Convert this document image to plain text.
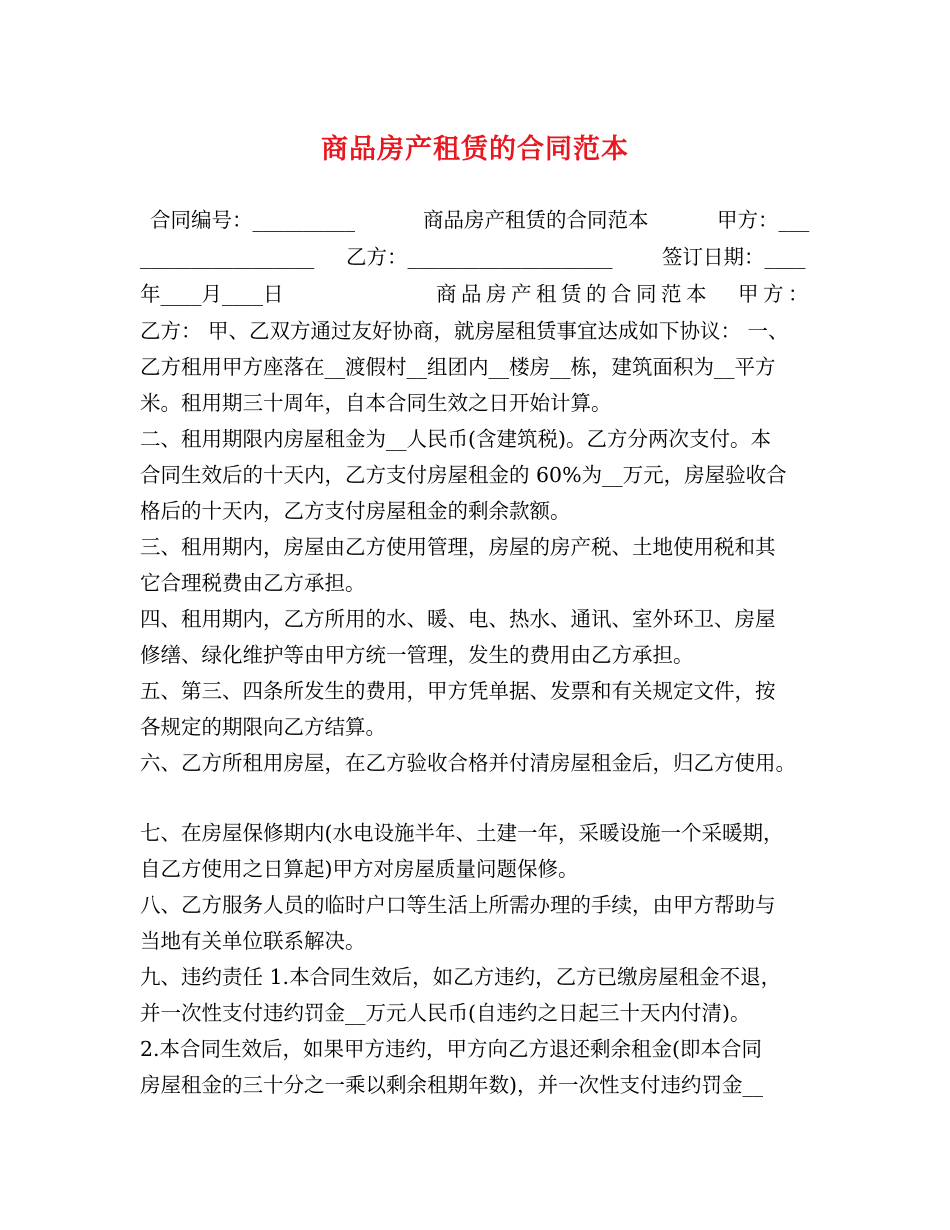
商品房产租赁的合同范本
合同编号：__________	商品房产租赁的合同范本	甲方：___
_________________ 乙方：____________________ 签订日期：____
年____月____日	商品房产租赁的合同范本 甲方：
乙方： 甲、乙双方通过友好协商，就房屋租赁事宜达成如下协议： 一、
乙方租用甲方座落在__渡假村__组团内__楼房__栋，建筑面积为__平方
米。租用期三十周年，自本合同生效之日开始计算。
二、租用期限内房屋租金为__人民币(含建筑税)。乙方分两次支付。本
合同生效后的十天内，乙方支付房屋租金的 60%为__万元，房屋验收合
格后的十天内，乙方支付房屋租金的剩余款额。
三、租用期内，房屋由乙方使用管理，房屋的房产税、土地使用税和其
它合理税费由乙方承担。
四、租用期内，乙方所用的水、暖、电、热水、通讯、室外环卫、房屋
修缮、绿化维护等由甲方统一管理，发生的费用由乙方承担。
五、第三、四条所发生的费用，甲方凭单据、发票和有关规定文件，按
各规定的期限向乙方结算。
六、乙方所租用房屋，在乙方验收合格并付清房屋租金后，归乙方使用。
七、在房屋保修期内(水电设施半年、土建一年，采暖设施一个采暖期，
自乙方使用之日算起)甲方对房屋质量问题保修。
八、乙方服务人员的临时户口等生活上所需办理的手续，由甲方帮助与
当地有关单位联系解决。
九、违约责任 1.本合同生效后，如乙方违约，乙方已缴房屋租金不退，
并一次性支付违约罚金__万元人民币(自违约之日起三十天内付清)。
2.本合同生效后，如果甲方违约，甲方向乙方退还剩余租金(即本合同
房屋租金的三十分之一乘以剩余租期年数)，并一次性支付违约罚金__
